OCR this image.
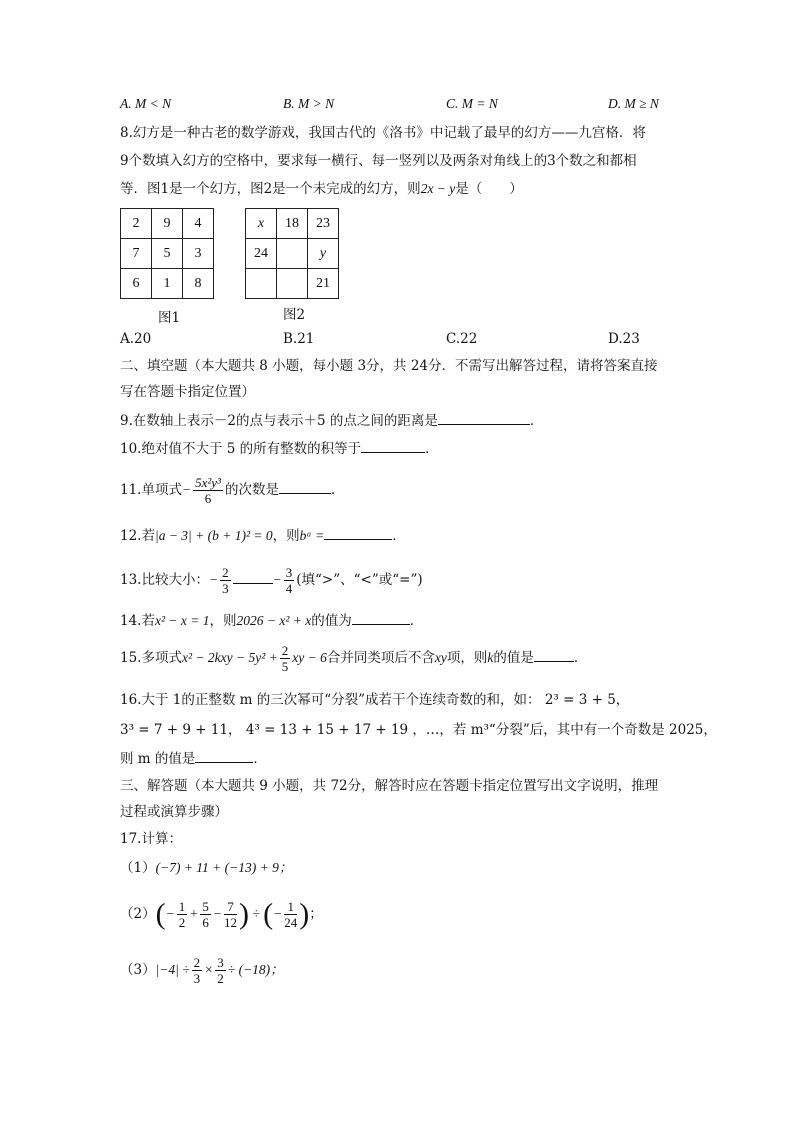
A. M < N	B. M > N	C. M = N	D. M ≥ N
8.幻方是一种古老的数学游戏，我国古代的《洛书》中记载了最早的幻方——九宫格．将
9个数填入幻方的空格中，要求每一横行、每一竖列以及两条对角线上的3个数之和都相
等．图1是一个幻方，图2是一个未完成的幻方，则2x − y是（　　）
2	9	4
7	5	3
6	1	8
x	18	23
24		y
		21
图1	图2
A.20	B.21	C.22	D.23
二、填空题（本大题共 8 小题，每小题 3分，共 24分．不需写出解答过程，请将答案直接
写在答题卡指定位置）
9.在数轴上表示－2的点与表示＋5 的点之间的距离是	．
10.绝对值不大于 5 的所有整数的积等于	．
11.单项式− $\frac{\text{5x²y³}}{6}$ 的次数是	．
12.若|a − 3| + (b + 1)² = 0，则bᵃ =	．
13.比较大小：− $\frac{2}{3}$	− $\frac{3}{4}$ (填“>”、“<”或“=”)
14.若x² − x = 1，则2026 − x² + x的值为	．
15.多项式$x^2 - 2kxy - 5y^2 + \frac{2}{5}$ xy − 6合并同类项后不含xy项，则k的值是	．
16.大于 1的正整数 m 的三次幂可“分裂”成若干个连续奇数的和，如： 2³ = 3 + 5，
3³ = 7 + 9 + 11， 4³ = 13 + 15 + 17 + 19 ，…，若 m³“分裂”后，其中有一个奇数是 2025，
则 m 的值是	．
三、解答题（本大题共 9 小题，共 72分，解答时应在答题卡指定位置写出文字说明，推理
过程或演算步骤）
17.计算：
（1）(−7) + 11 + (−13) + 9；
$(2)(- \frac{1}{2} + \frac{5}{6} - \frac{7}{12}$ ) ÷ (− $\frac{1}{24}$ )；
$(3)|-4| \div \frac{2}{3} \times \frac{3}{2} \div (-18)$；
